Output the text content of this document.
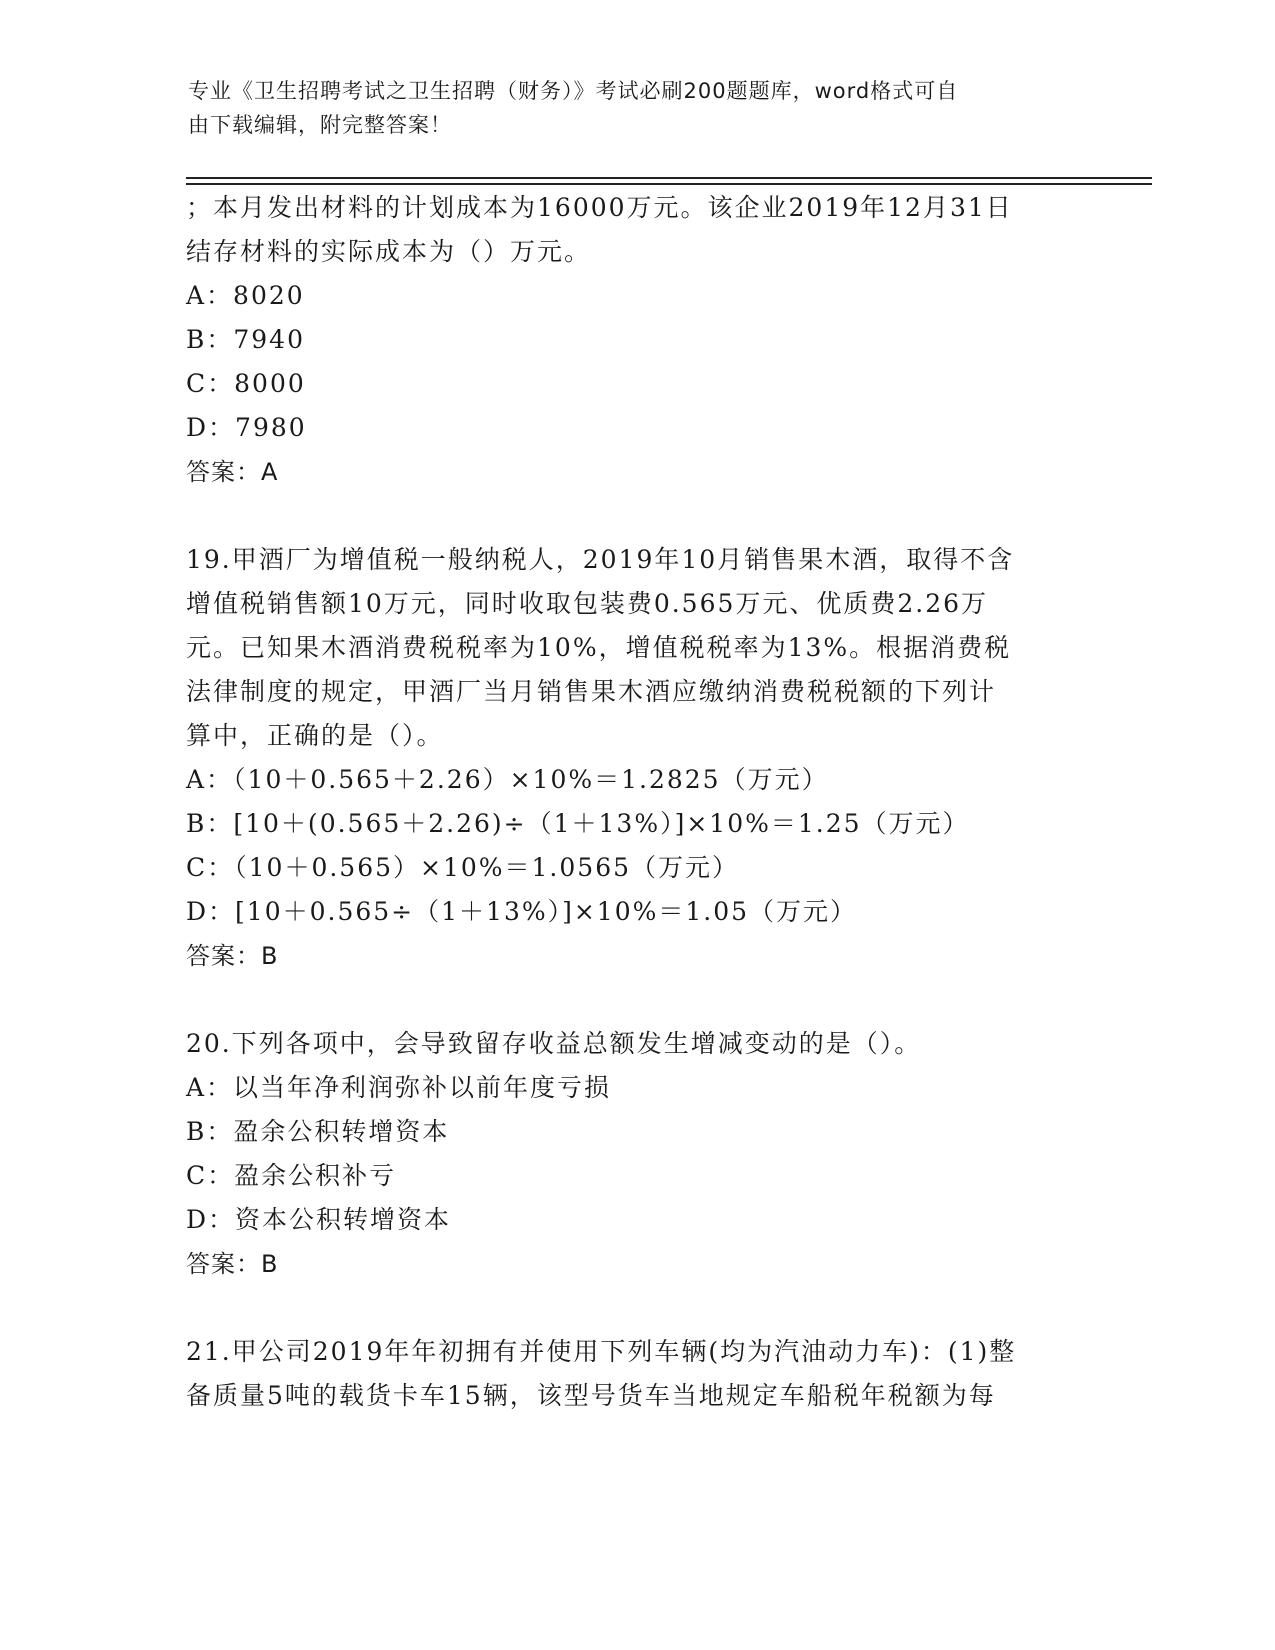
专业《卫生招聘考试之卫生招聘（财务）》考试必刷200题题库，word格式可自
由下载编辑，附完整答案！
；本月发出材料的计划成本为16000万元。该企业2019年12月31日
结存材料的实际成本为（）万元。
A：8020
B：7940
C：8000
D：7980
答案：A
19.甲酒厂为增值税一般纳税人，2019年10月销售果木酒，取得不含
增值税销售额10万元，同时收取包装费0.565万元、优质费2.26万
元。已知果木酒消费税税率为10%，增值税税率为13%。根据消费税
法律制度的规定，甲酒厂当月销售果木酒应缴纳消费税税额的下列计
算中，正确的是（）。
A：（10＋0.565＋2.26）×10%＝1.2825（万元）
B：[10＋(0.565＋2.26)÷（1＋13%）]×10%＝1.25（万元）
C：（10＋0.565）×10%＝1.0565（万元）
D：[10＋0.565÷（1＋13%）]×10%＝1.05（万元）
答案：B
20.下列各项中，会导致留存收益总额发生增减变动的是（）。
A：以当年净利润弥补以前年度亏损
B：盈余公积转增资本
C：盈余公积补亏
D：资本公积转增资本
答案：B
21.甲公司2019年年初拥有并使用下列车辆(均为汽油动力车)：(1)整
备质量5吨的载货卡车15辆，该型号货车当地规定车船税年税额为每
